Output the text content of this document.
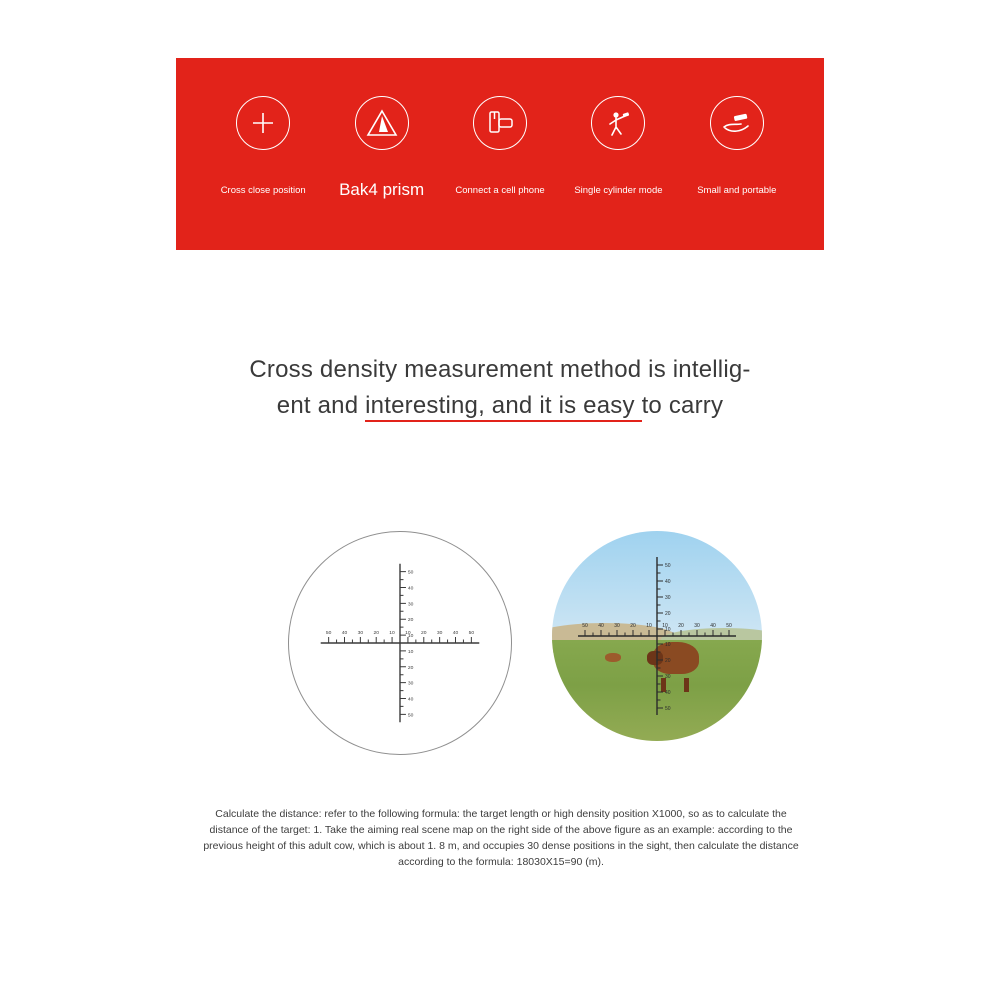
Cross close position Bak4 prism	Connect a cell phone	Single cylinder mode	Small and portable
Cross density measurement method is intellig-
ent and interesting, and it is easy to carry
50 40 30 20 10 10 20 30 40 50
50
40
30
20
10
10
20
30
40
50
50 40 30 20 10 10 20 30 40 50
50
40
30
20
10
10
20
30
40
50
Calculate the distance: refer to the following formula: the target length or high density position X1000, so as to calculate the distance of the target: 1. Take the aiming real scene map on the right side of the above figure as an example: according to the previous height of this adult cow, which is about 1. 8 m, and occupies 30 dense positions in the sight, then calculate the distance according to the formula: 18030X15=90 (m).
